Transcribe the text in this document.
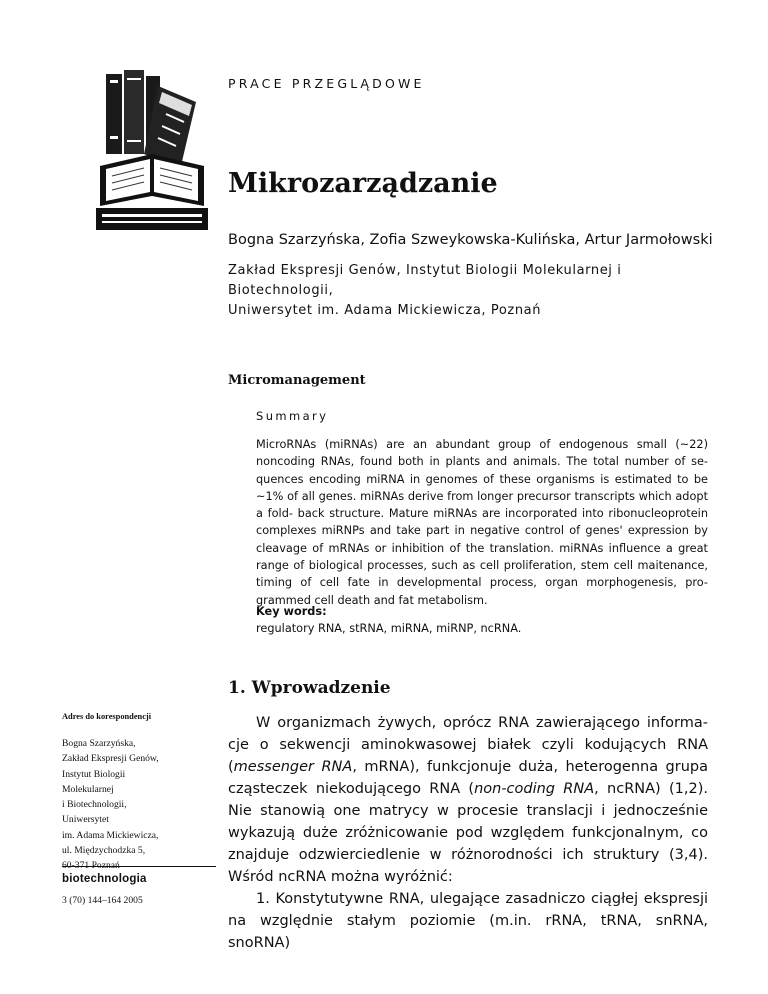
PRACE PRZEGLĄDOWE
Mikrozarządzanie
Bogna Szarzyńska, Zofia Szweykowska-Kulińska, Artur Jarmołowski
Zakład Ekspresji Genów, Instytut Biologii Molekularnej i Biotechnologii,
Uniwersytet im. Adama Mickiewicza, Poznań
Micromanagement
Summary
MicroRNAs (miRNAs) are an abundant group of endogenous small (~22)
noncoding RNAs, found both in plants and animals. The total number of se-
quences encoding miRNA in genomes of these organisms is estimated to be
~1% of all genes. miRNAs derive from longer precursor transcripts which adopt
a fold- back structure. Mature miRNAs are incorporated into ribonucleoprotein
complexes miRNPs and take part in negative control of genes' expression by
cleavage of mRNAs or inhibition of the translation. miRNAs influence a great
range of biological processes, such as cell proliferation, stem cell maitenance,
timing of cell fate in developmental process, organ morphogenesis, pro-
grammed cell death and fat metabolism.
Key words:
regulatory RNA, stRNA, miRNA, miRNP, ncRNA.
1. Wprowadzenie
Adres do korespondencji
Bogna Szarzyńska,
Zakład Ekspresji Genów,
Instytut Biologii
Molekularnej
i Biotechnologii,
Uniwersytet
im. Adama Mickiewicza,
ul. Międzychodzka 5,
biotechnologia
3 (70) 144–164 2005
W organizmach żywych, oprócz RNA zawierającego informa-
cje o sekwencji aminokwasowej białek czyli kodujących RNA
(messenger RNA, mRNA), funkcjonuje duża, heterogenna grupa
cząsteczek niekodującego RNA (non-coding RNA, ncRNA) (1,2).
Nie stanowią one matrycy w procesie translacji i jednocześnie
wykazują duże zróżnicowanie pod względem funkcjonalnym, co
znajduje odzwierciedlenie w różnorodności ich struktury (3,4).
Wśród ncRNA można wyróżnić:
1. Konstytutywne RNA, ulegające zasadniczo ciągłej ekspresji
na względnie stałym poziomie (m.in. rRNA, tRNA, snRNA, snoRNA)
